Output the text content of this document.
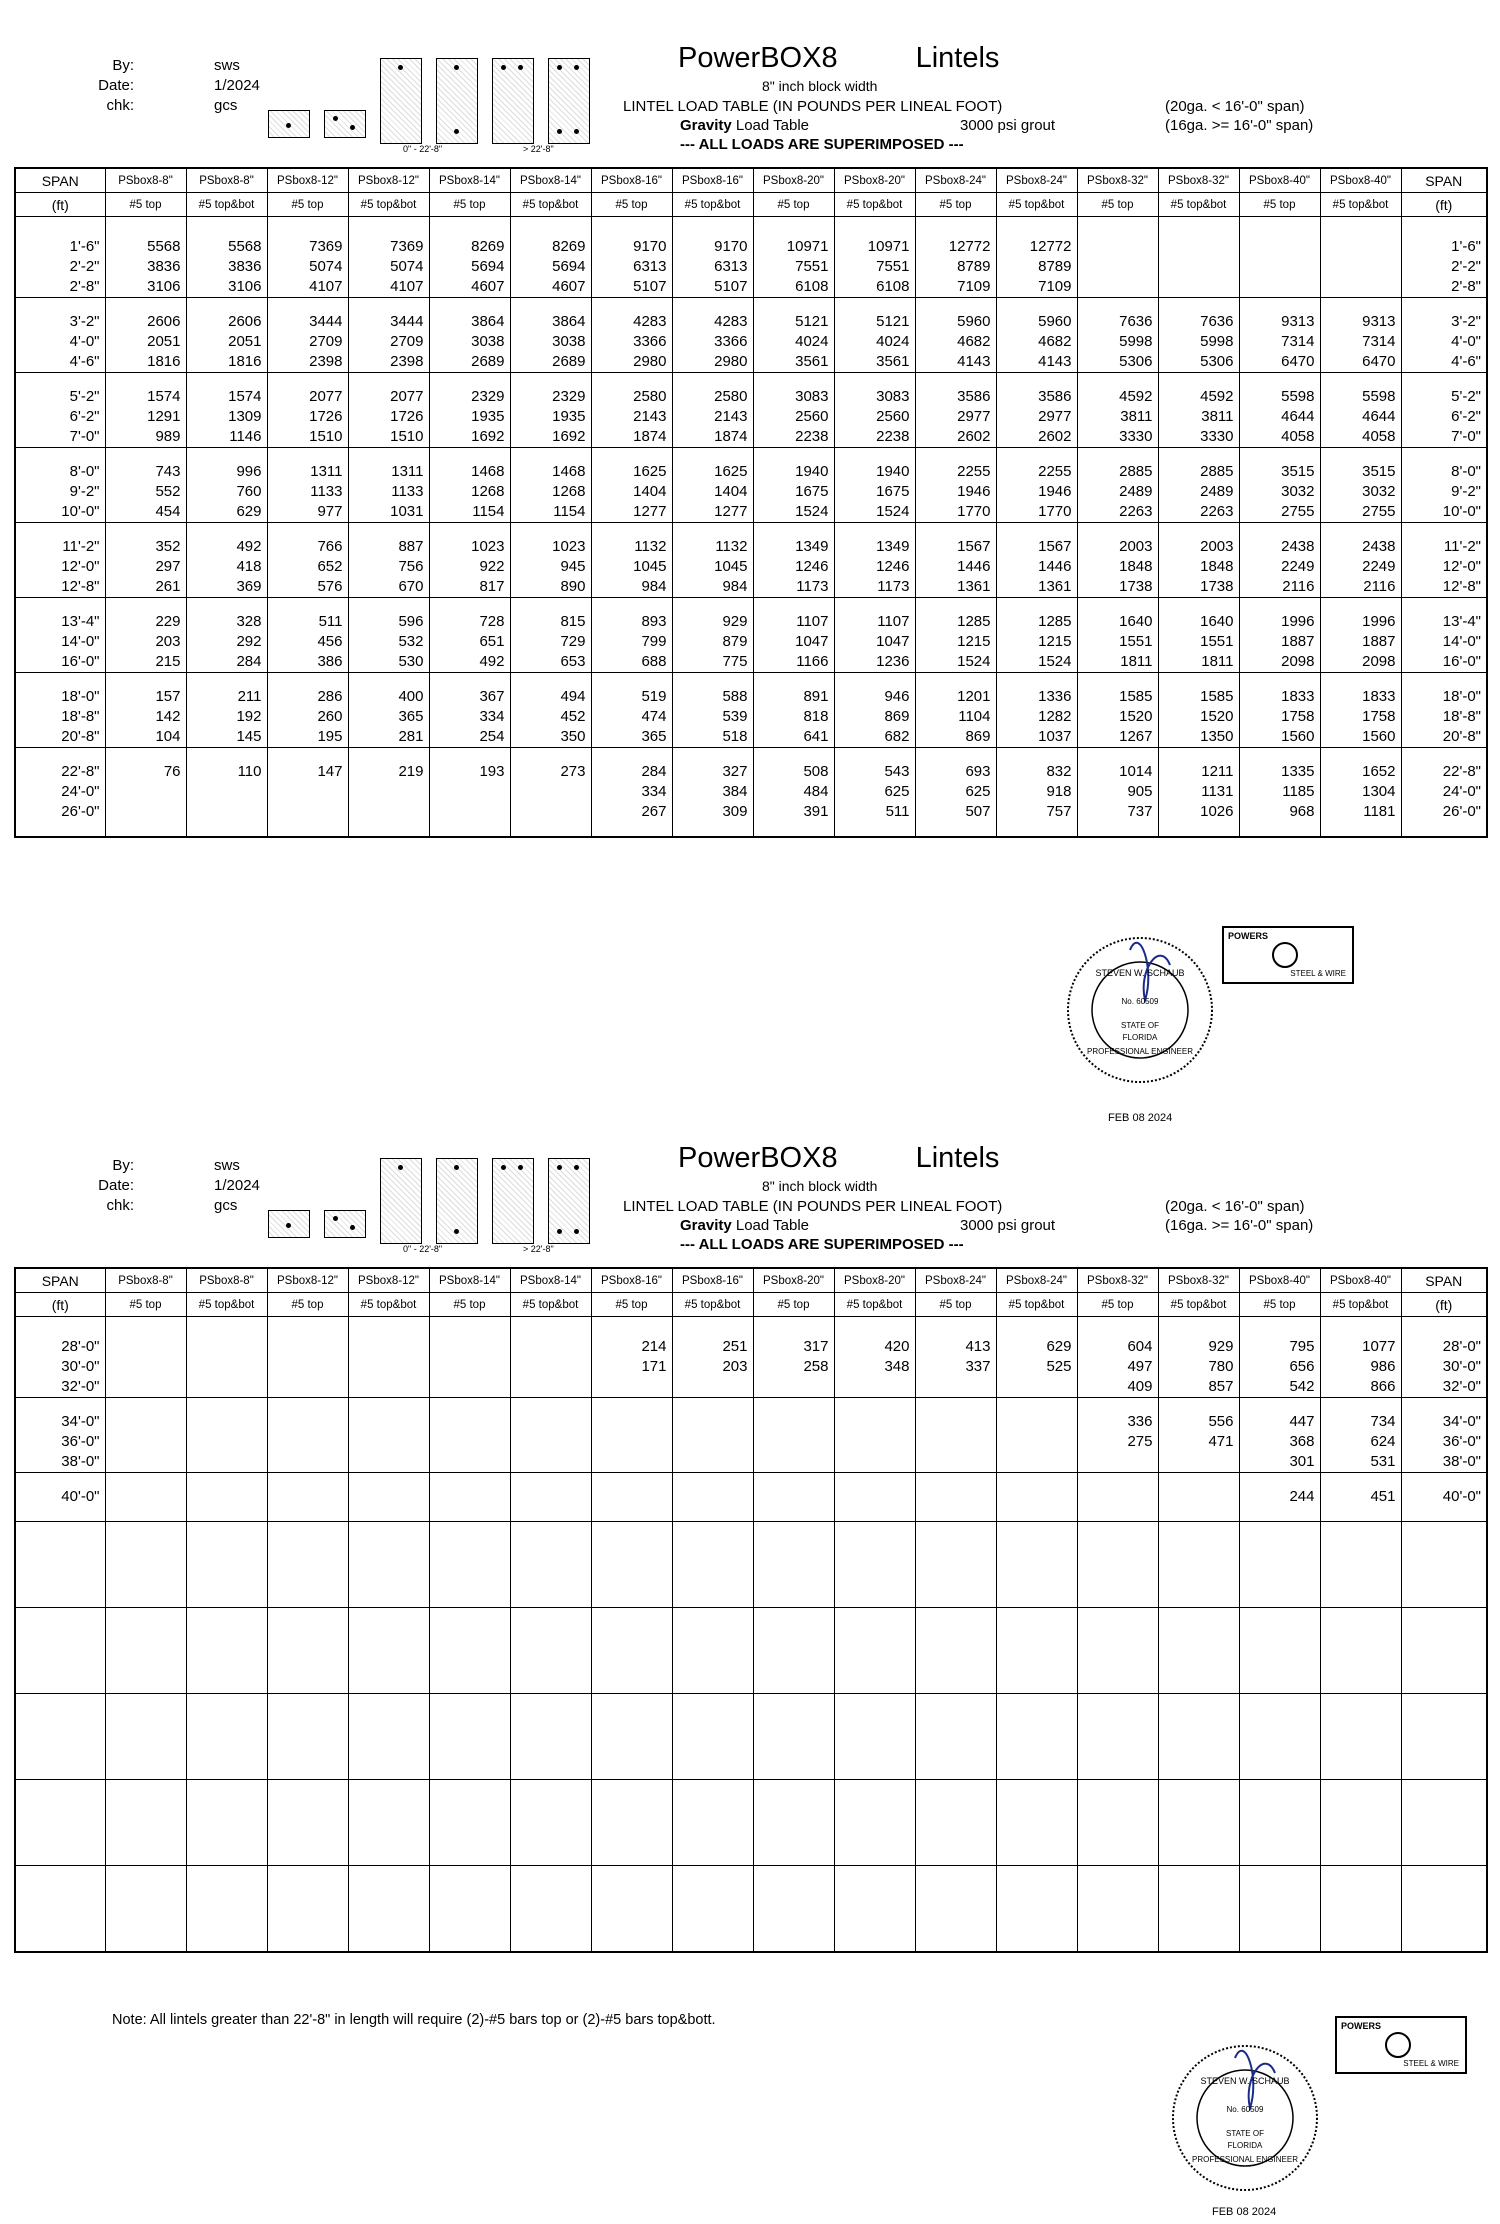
By:	sws
Date:	1/2024
chk:	gcs
0" - 22'-8"	> 22'-8"
PowerBOX8	Lintels
8" inch block width
LINTEL LOAD TABLE (IN POUNDS PER LINEAL FOOT)	(20ga. < 16'-0" span)
Gravity Load Table	3000 psi grout	(16ga. >= 16'-0" span)
--- ALL LOADS ARE SUPERIMPOSED ---
SPAN	PSbox8-8"	PSbox8-8"	PSbox8-12"	PSbox8-12"	PSbox8-14"	PSbox8-14"	PSbox8-16"	PSbox8-16"	PSbox8-20"	PSbox8-20"	PSbox8-24"	PSbox8-24"	PSbox8-32"	PSbox8-32"	PSbox8-40"	PSbox8-40"	SPAN
(ft)	#5 top	#5 top&bot	#5 top	#5 top&bot	#5 top	#5 top&bot	#5 top	#5 top&bot	#5 top	#5 top&bot	#5 top	#5 top&bot	#5 top	#5 top&bot	#5 top	#5 top&bot	(ft)

1'-6"	5568	5568	7369	7369	8269	8269	9170	9170	10971	10971	12772	12772					1'-6"
2'-2"	3836	3836	5074	5074	5694	5694	6313	6313	7551	7551	8789	8789					2'-2"
2'-8"	3106	3106	4107	4107	4607	4607	5107	5107	6108	6108	7109	7109					2'-8"

3'-2"	2606	2606	3444	3444	3864	3864	4283	4283	5121	5121	5960	5960	7636	7636	9313	9313	3'-2"
4'-0"	2051	2051	2709	2709	3038	3038	3366	3366	4024	4024	4682	4682	5998	5998	7314	7314	4'-0"
4'-6"	1816	1816	2398	2398	2689	2689	2980	2980	3561	3561	4143	4143	5306	5306	6470	6470	4'-6"

5'-2"	1574	1574	2077	2077	2329	2329	2580	2580	3083	3083	3586	3586	4592	4592	5598	5598	5'-2"
6'-2"	1291	1309	1726	1726	1935	1935	2143	2143	2560	2560	2977	2977	3811	3811	4644	4644	6'-2"
7'-0"	989	1146	1510	1510	1692	1692	1874	1874	2238	2238	2602	2602	3330	3330	4058	4058	7'-0"

8'-0"	743	996	1311	1311	1468	1468	1625	1625	1940	1940	2255	2255	2885	2885	3515	3515	8'-0"
9'-2"	552	760	1133	1133	1268	1268	1404	1404	1675	1675	1946	1946	2489	2489	3032	3032	9'-2"
10'-0"	454	629	977	1031	1154	1154	1277	1277	1524	1524	1770	1770	2263	2263	2755	2755	10'-0"

11'-2"	352	492	766	887	1023	1023	1132	1132	1349	1349	1567	1567	2003	2003	2438	2438	11'-2"
12'-0"	297	418	652	756	922	945	1045	1045	1246	1246	1446	1446	1848	1848	2249	2249	12'-0"
12'-8"	261	369	576	670	817	890	984	984	1173	1173	1361	1361	1738	1738	2116	2116	12'-8"

13'-4"	229	328	511	596	728	815	893	929	1107	1107	1285	1285	1640	1640	1996	1996	13'-4"
14'-0"	203	292	456	532	651	729	799	879	1047	1047	1215	1215	1551	1551	1887	1887	14'-0"
16'-0"	215	284	386	530	492	653	688	775	1166	1236	1524	1524	1811	1811	2098	2098	16'-0"

18'-0"	157	211	286	400	367	494	519	588	891	946	1201	1336	1585	1585	1833	1833	18'-0"
18'-8"	142	192	260	365	334	452	474	539	818	869	1104	1282	1520	1520	1758	1758	18'-8"
20'-8"	104	145	195	281	254	350	365	518	641	682	869	1037	1267	1350	1560	1560	20'-8"

22'-8"	76	110	147	219	193	273	284	327	508	543	693	832	1014	1211	1335	1652	22'-8"
24'-0"							334	384	484	625	625	918	905	1131	1185	1304	24'-0"
26'-0"							267	309	391	511	507	757	737	1026	968	1181	26'-0"

STEVEN W. SCHAUB
No. 60509
STATE OF
FLORIDA
PROFESSIONAL ENGINEER
FEB 08 2024
POWERS
STEEL & WIRE
By:	sws
Date:	1/2024
chk:	gcs
0" - 22'-8"	> 22'-8"
PowerBOX8	Lintels
8" inch block width
LINTEL LOAD TABLE (IN POUNDS PER LINEAL FOOT)	(20ga. < 16'-0" span)
Gravity Load Table	3000 psi grout	(16ga. >= 16'-0" span)
--- ALL LOADS ARE SUPERIMPOSED ---
SPAN	PSbox8-8"	PSbox8-8"	PSbox8-12"	PSbox8-12"	PSbox8-14"	PSbox8-14"	PSbox8-16"	PSbox8-16"	PSbox8-20"	PSbox8-20"	PSbox8-24"	PSbox8-24"	PSbox8-32"	PSbox8-32"	PSbox8-40"	PSbox8-40"	SPAN
(ft)	#5 top	#5 top&bot	#5 top	#5 top&bot	#5 top	#5 top&bot	#5 top	#5 top&bot	#5 top	#5 top&bot	#5 top	#5 top&bot	#5 top	#5 top&bot	#5 top	#5 top&bot	(ft)

28'-0"							214	251	317	420	413	629	604	929	795	1077	28'-0"
30'-0"							171	203	258	348	337	525	497	780	656	986	30'-0"
32'-0"													409	857	542	866	32'-0"

34'-0"													336	556	447	734	34'-0"
36'-0"													275	471	368	624	36'-0"
38'-0"															301	531	38'-0"

40'-0"															244	451	40'-0"

Note: All lintels greater than 22'-8" in length will require (2)-#5 bars top or (2)-#5 bars top&bott.
STEVEN W. SCHAUB
No. 60509
STATE OF
FLORIDA
PROFESSIONAL ENGINEER
FEB 08 2024
POWERS
STEEL & WIRE
